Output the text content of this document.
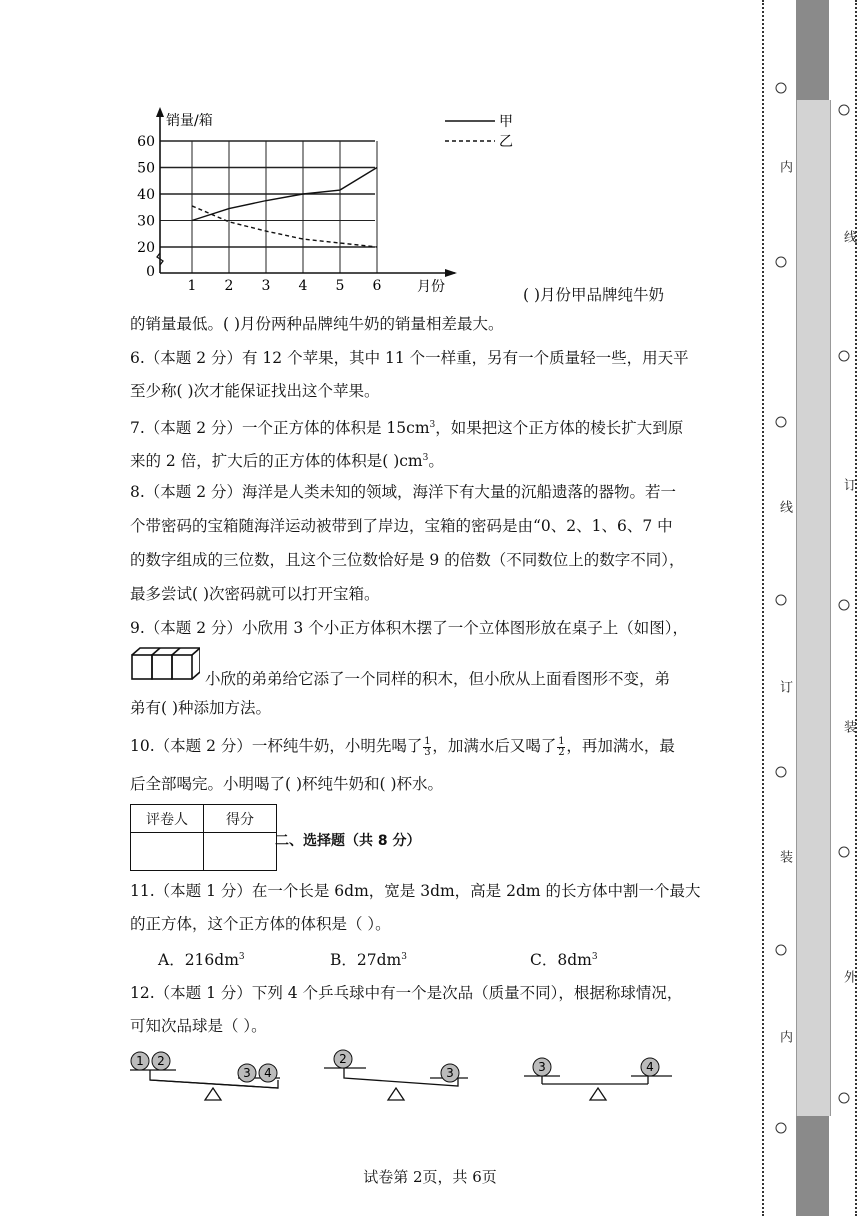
0
20
30
40
50
60
1 2 3 4 5 6
销量/箱
月份
甲
乙
( )月份甲品牌纯牛奶
的销量最低。( )月份两种品牌纯牛奶的销量相差最大。
6.（本题 2 分）有 12 个苹果，其中 11 个一样重，另有一个质量轻一些，用天平
至少称( )次才能保证找出这个苹果。
7.（本题 2 分）一个正方体的体积是 $15cm^3$，如果把这个正方体的棱长扩大到原
来的 2 倍，扩大后的正方体的体积是( )$cm^3$。
8.（本题 2 分）海洋是人类未知的领域，海洋下有大量的沉船遗落的器物。若一
个带密码的宝箱随海洋运动被带到了岸边，宝箱的密码是由“0、2、1、6、7 中
的数字组成的三位数，且这个三位数恰好是 9 的倍数（不同数位上的数字不同），
最多尝试( )次密码就可以打开宝箱。
9.（本题 2 分）小欣用 3 个小正方体积木摆了一个立体图形放在桌子上（如图），
小欣的弟弟给它添了一个同样的积木，但小欣从上面看图形不变，弟
弟有( )种添加方法。
10.（本题 2 分）一杯纯牛奶，小明先喝了 $\frac{1}{3}$ ，加满水后又喝了 $\frac{1}{2}$ ，再加满水，最
后全部喝完。小明喝了( )杯纯牛奶和( )杯水。
评卷人	得分

二、选择题（共 8 分）
11.（本题 1 分）在一个长是 6dm，宽是 3dm，高是 2dm 的长方体中割一个最大
的正方体，这个正方体的体积是（ ）。
A．$216dm^3$	B．$27dm^3$	C．$8dm^3$
12.（本题 1 分）下列 4 个乒乓球中有一个是次品（质量不同），根据称球情况，
可知次品球是（ ）。
1 2
3 4
2
3	3	4
试卷第 2页，共 6页
内
线
订
装
内
线
订
装
外
